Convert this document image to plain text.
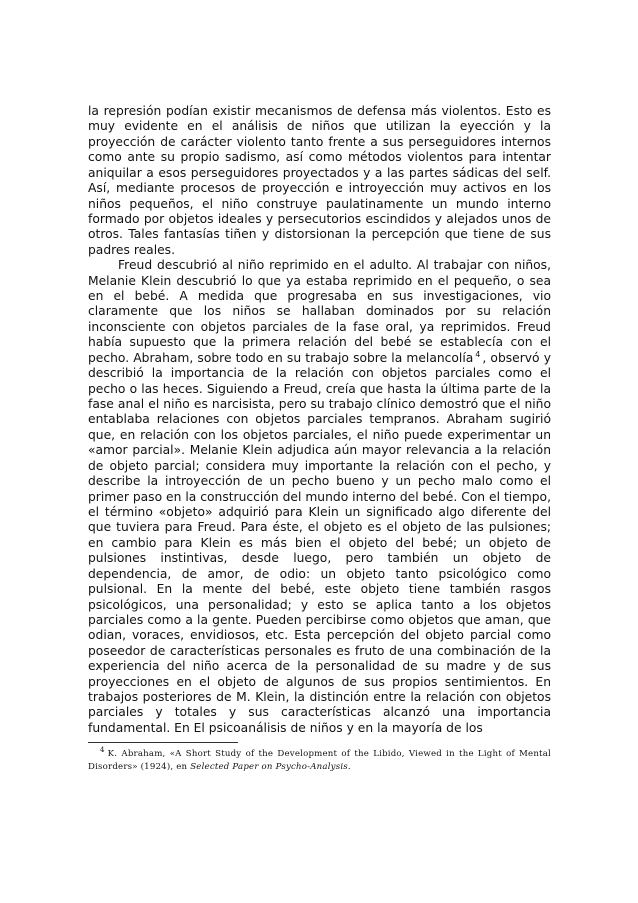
la represión podían existir mecanismos de defensa más violentos. Esto es muy evidente en el análisis de niños que utilizan la eyección y la proyección de carácter violento tanto frente a sus perseguidores internos como ante su propio sadismo, así como métodos violentos para intentar aniquilar a esos perseguidores proyectados y a las partes sádicas del self. Así, mediante procesos de proyección e introyección muy activos en los niños pequeños, el niño construye paulatinamente un mundo interno formado por objetos ideales y persecutorios escindidos y alejados unos de otros. Tales fantasías tiñen y distorsionan la percepción que tiene de sus padres reales.

Freud descubrió al niño reprimido en el adulto. Al trabajar con niños, Melanie Klein descubrió lo que ya estaba reprimido en el pequeño, o sea en el bebé. A medida que progresaba en sus investigaciones, vio claramente que los niños se hallaban dominados por su relación inconsciente con objetos parciales de la fase oral, ya reprimidos. Freud había supuesto que la primera relación del bebé se establecía con el pecho. Abraham, sobre todo en su trabajo sobre la melancolía $^4$ , observó y describió la importancia de la relación con objetos parciales como el pecho o las heces. Siguiendo a Freud, creía que hasta la última parte de la fase anal el niño es narcisista, pero su trabajo clínico demostró que el niño entablaba relaciones con objetos parciales tempranos. Abraham sugirió que, en relación con los objetos parciales, el niño puede experimentar un «amor parcial». Melanie Klein adjudica aún mayor relevancia a la relación de objeto parcial; considera muy importante la relación con el pecho, y describe la introyección de un pecho bueno y un pecho malo como el primer paso en la construcción del mundo interno del bebé. Con el tiempo, el término «objeto» adquirió para Klein un significado algo diferente del que tuviera para Freud. Para éste, el objeto es el objeto de las pulsiones; en cambio para Klein es más bien el objeto del bebé; un objeto de pulsiones instintivas, desde luego, pero también un objeto de dependencia, de amor, de odio: un objeto tanto psicológico como pulsional. En la mente del bebé, este objeto tiene también rasgos psicológicos, una personalidad; y esto se aplica tanto a los objetos parciales como a la gente. Pueden percibirse como objetos que aman, que odian, voraces, envidiosos, etc. Esta percepción del objeto parcial como poseedor de características personales es fruto de una combinación de la experiencia del niño acerca de la personalidad de su madre y de sus proyecciones en el objeto de algunos de sus propios sentimientos. En trabajos posteriores de M. Klein, la distinción entre la relación con objetos parciales y totales y sus características alcanzó una importancia fundamental. En El psicoanálisis de niños y en la mayoría de los

$^4$ K. Abraham, «A Short Study of the Development of the Libido, Viewed in the Light of Mental Disorders» (1924), en Selected Paper on Psycho-Analysis.
